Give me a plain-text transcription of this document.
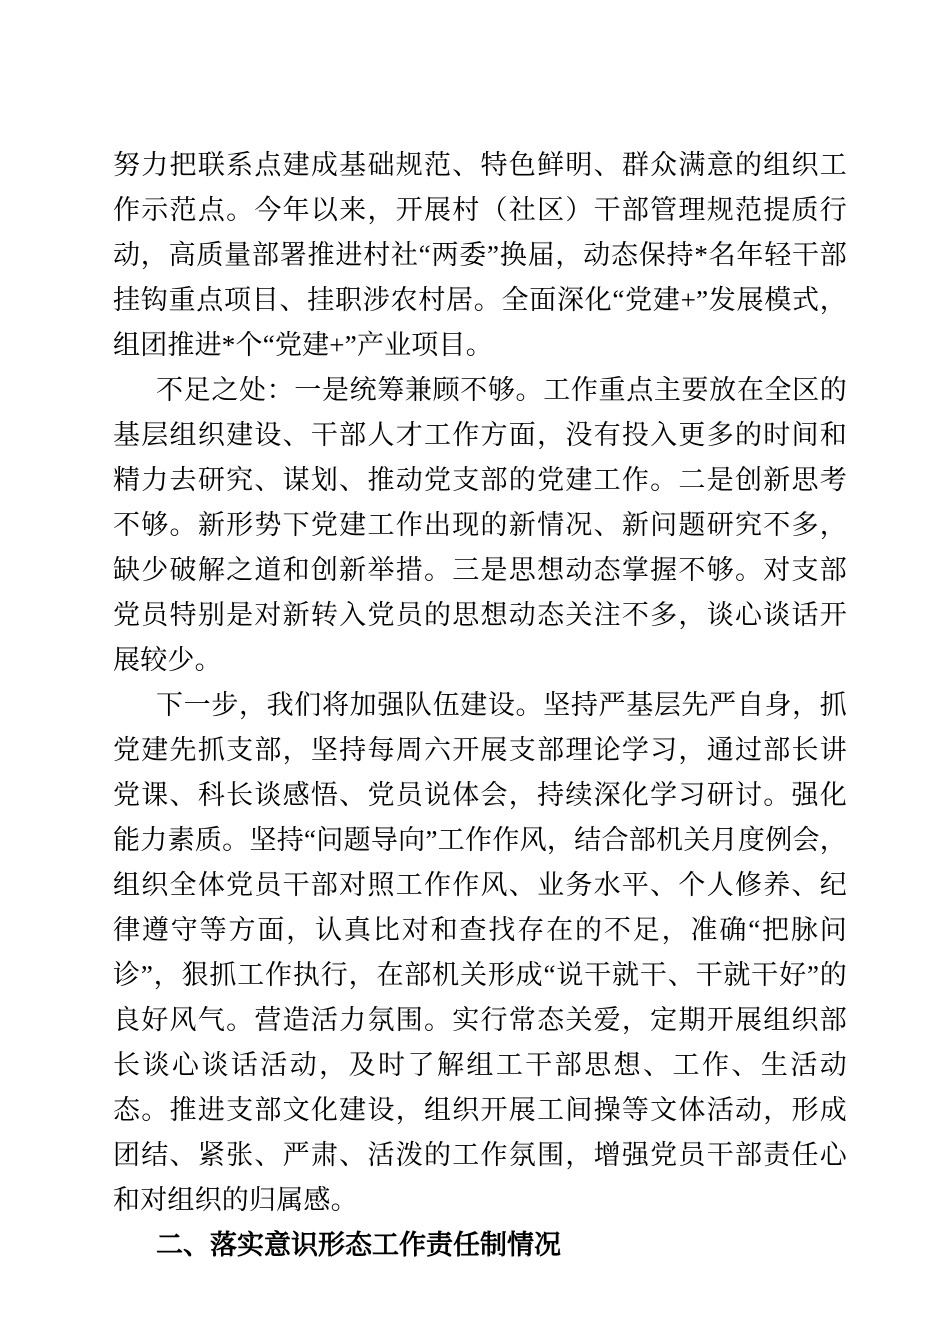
努力把联系点建成基础规范、特色鲜明、群众满意的组织工作示范点。今年以来，开展村（社区）干部管理规范提质行动，高质量部署推进村社“两委”换届，动态保持*名年轻干部挂钩重点项目、挂职涉农村居。全面深化“党建+”发展模式，组团推进*个“党建+”产业项目。

不足之处：一是统筹兼顾不够。工作重点主要放在全区的基层组织建设、干部人才工作方面，没有投入更多的时间和精力去研究、谋划、推动党支部的党建工作。二是创新思考不够。新形势下党建工作出现的新情况、新问题研究不多，缺少破解之道和创新举措。三是思想动态掌握不够。对支部党员特别是对新转入党员的思想动态关注不多，谈心谈话开展较少。

下一步，我们将加强队伍建设。坚持严基层先严自身，抓党建先抓支部，坚持每周六开展支部理论学习，通过部长讲党课、科长谈感悟、党员说体会，持续深化学习研讨。强化能力素质。坚持“问题导向”工作作风，结合部机关月度例会，组织全体党员干部对照工作作风、业务水平、个人修养、纪律遵守等方面，认真比对和查找存在的不足，准确“把脉问诊”，狠抓工作执行，在部机关形成“说干就干、干就干好”的良好风气。营造活力氛围。实行常态关爱，定期开展组织部长谈心谈话活动，及时了解组工干部思想、工作、生活动态。推进支部文化建设，组织开展工间操等文体活动，形成团结、紧张、严肃、活泼的工作氛围，增强党员干部责任心和对组织的归属感。

二、落实意识形态工作责任制情况
